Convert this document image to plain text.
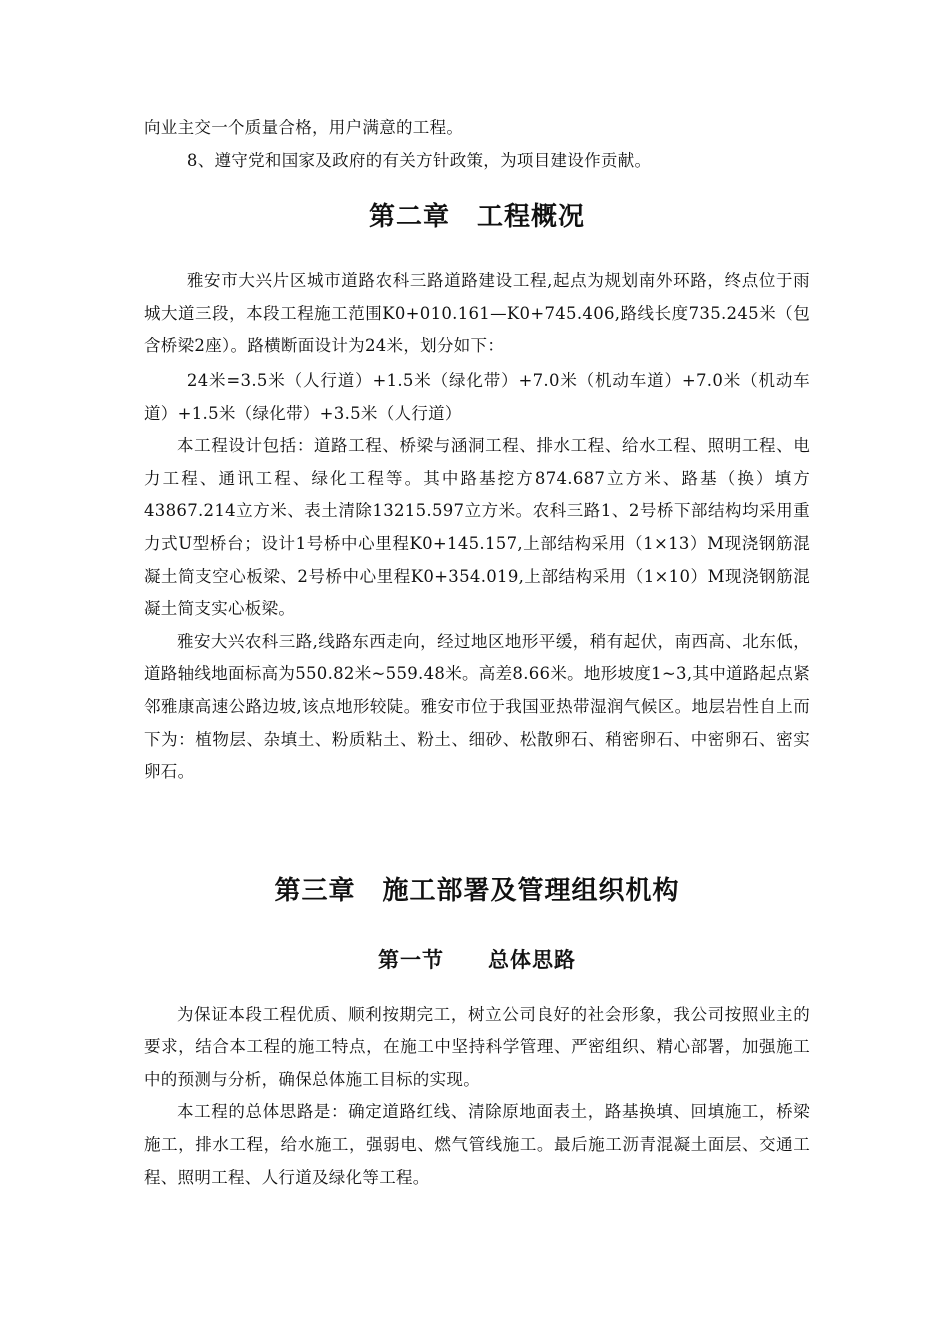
向业主交一个质量合格，用户满意的工程。

8、遵守党和国家及政府的有关方针政策，为项目建设作贡献。

第二章　工程概况

雅安市大兴片区城市道路农科三路道路建设工程,起点为规划南外环路，终点位于雨城大道三段，本段工程施工范围K0+010.161—K0+745.406,路线长度735.245米（包含桥梁2座）。路横断面设计为24米，划分如下：

24米=3.5米（人行道）+1.5米（绿化带）+7.0米（机动车道）+7.0米（机动车道）+1.5米（绿化带）+3.5米（人行道）

本工程设计包括：道路工程、桥梁与涵洞工程、排水工程、给水工程、照明工程、电力工程、通讯工程、绿化工程等。其中路基挖方874.687立方米、路基（换）填方43867.214立方米、表土清除13215.597立方米。农科三路1、2号桥下部结构均采用重力式U型桥台；设计1号桥中心里程K0+145.157,上部结构采用（1×13）M现浇钢筋混凝土简支空心板梁、2号桥中心里程K0+354.019,上部结构采用（1×10）M现浇钢筋混凝土简支实心板梁。

雅安大兴农科三路,线路东西走向，经过地区地形平缓，稍有起伏，南西高、北东低，道路轴线地面标高为550.82米~559.48米。高差8.66米。地形坡度1~3,其中道路起点紧邻雅康高速公路边坡,该点地形较陡。雅安市位于我国亚热带湿润气候区。地层岩性自上而下为：植物层、杂填土、粉质粘土、粉土、细砂、松散卵石、稍密卵石、中密卵石、密实卵石。

第三章　施工部署及管理组织机构
第一节　　总体思路

为保证本段工程优质、顺利按期完工，树立公司良好的社会形象，我公司按照业主的要求，结合本工程的施工特点，在施工中坚持科学管理、严密组织、精心部署，加强施工中的预测与分析，确保总体施工目标的实现。

本工程的总体思路是：确定道路红线、清除原地面表土，路基换填、回填施工，桥梁施工，排水工程，给水施工，强弱电、燃气管线施工。最后施工沥青混凝土面层、交通工程、照明工程、人行道及绿化等工程。
